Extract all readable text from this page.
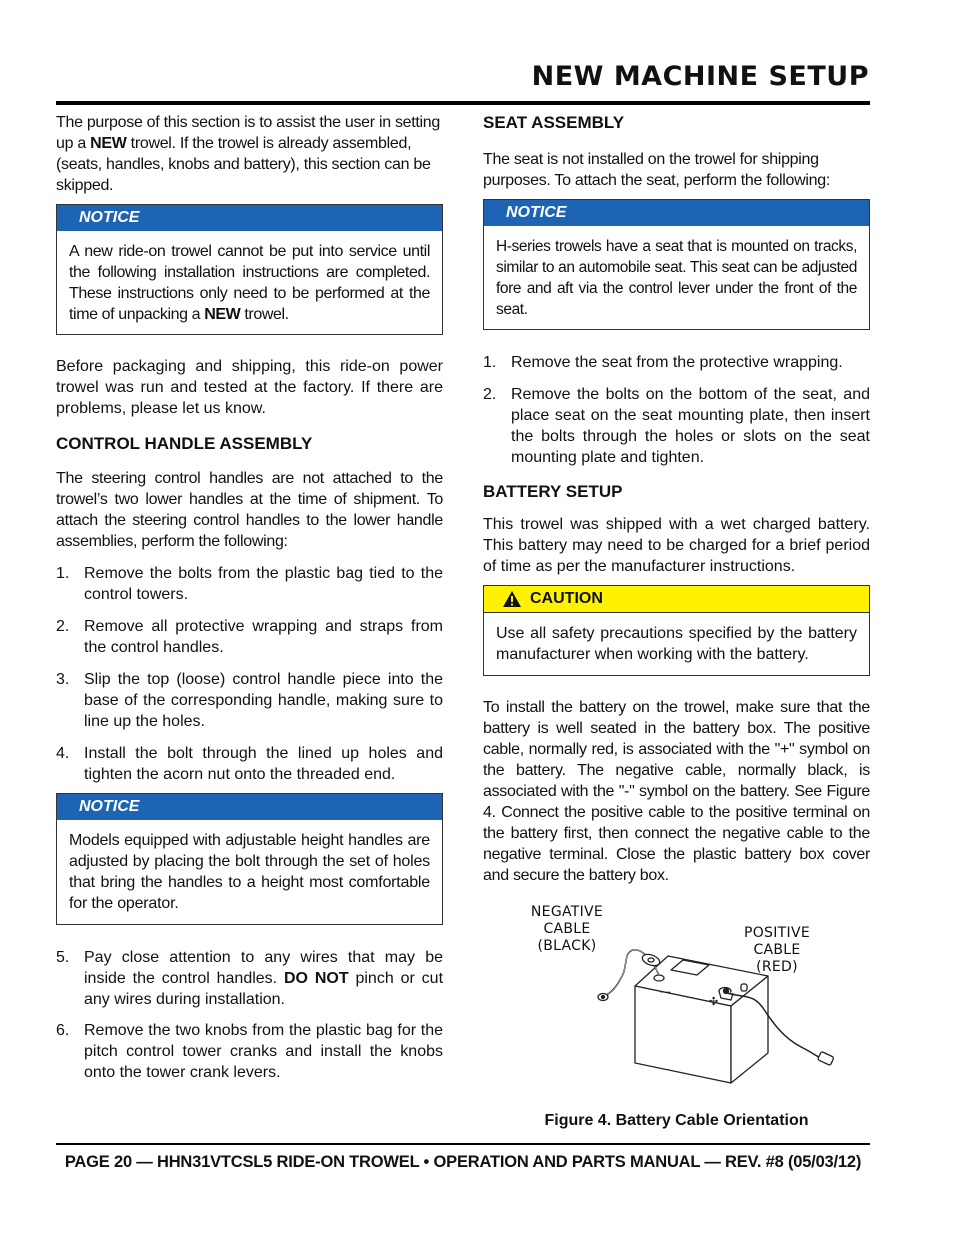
NEW MACHINE SETUP

The purpose of this section is to assist the user in setting up a NEW trowel. If the trowel is already assembled, (seats, handles, knobs and battery), this section can be skipped.

NOTICE
A new ride-on trowel cannot be put into service until the following installation instructions are completed. These instructions only need to be performed at the time of unpacking a NEW trowel.

Before packaging and shipping, this ride-on power trowel was run and tested at the factory. If there are problems, please let us know.

CONTROL HANDLE ASSEMBLY

The steering control handles are not attached to the trowel’s two lower handles at the time of shipment. To attach the steering control handles to the lower handle assemblies, perform the following:

1. Remove the bolts from the plastic bag tied to the control towers.
2. Remove all protective wrapping and straps from the control handles.
3. Slip the top (loose) control handle piece into the base of the corresponding handle, making sure to line up the holes.
4. Install the bolt through the lined up holes and tighten the acorn nut onto the threaded end.
NOTICE
Models equipped with adjustable height handles are adjusted by placing the bolt through the set of holes that bring the handles to a height most comfortable for the operator.
5. Pay close attention to any wires that may be inside the control handles. DO NOT pinch or cut any wires during installation.
6. Remove the two knobs from the plastic bag for the pitch control tower cranks and install the knobs onto the tower crank levers.
SEAT ASSEMBLY

The seat is not installed on the trowel for shipping purposes. To attach the seat, perform the following:

NOTICE
H-series trowels have a seat that is mounted on tracks, similar to an automobile seat. This seat can be adjusted fore and aft via the control lever under the front of the seat.
1. Remove the seat from the protective wrapping.
2. Remove the bolts on the bottom of the seat, and place seat on the seat mounting plate, then insert the bolts through the holes or slots on the seat mounting plate and tighten.
BATTERY SETUP

This trowel was shipped with a wet charged battery. This battery may need to be charged for a brief period of time as per the manufacturer instructions.

CAUTION
Use all safety precautions specified by the battery manufacturer when working with the battery.

To install the battery on the trowel, make sure that the battery is well seated in the battery box. The positive cable, normally red, is associated with the "+" symbol on the battery. The negative cable, normally black, is associated with the "-" symbol on the battery. See Figure 4. Connect the positive cable to the positive terminal on the battery first, then connect the negative cable to the negative terminal. Close the plastic battery box cover and secure the battery box.

NEGATIVE
CABLE
(BLACK)
POSITIVE
CABLE
(RED)
✣
—
Figure 4. Battery Cable Orientation
PAGE 20 — HHN31VTCSL5 RIDE-ON TROWEL • OPERATION AND PARTS MANUAL — REV. #8 (05/03/12)
